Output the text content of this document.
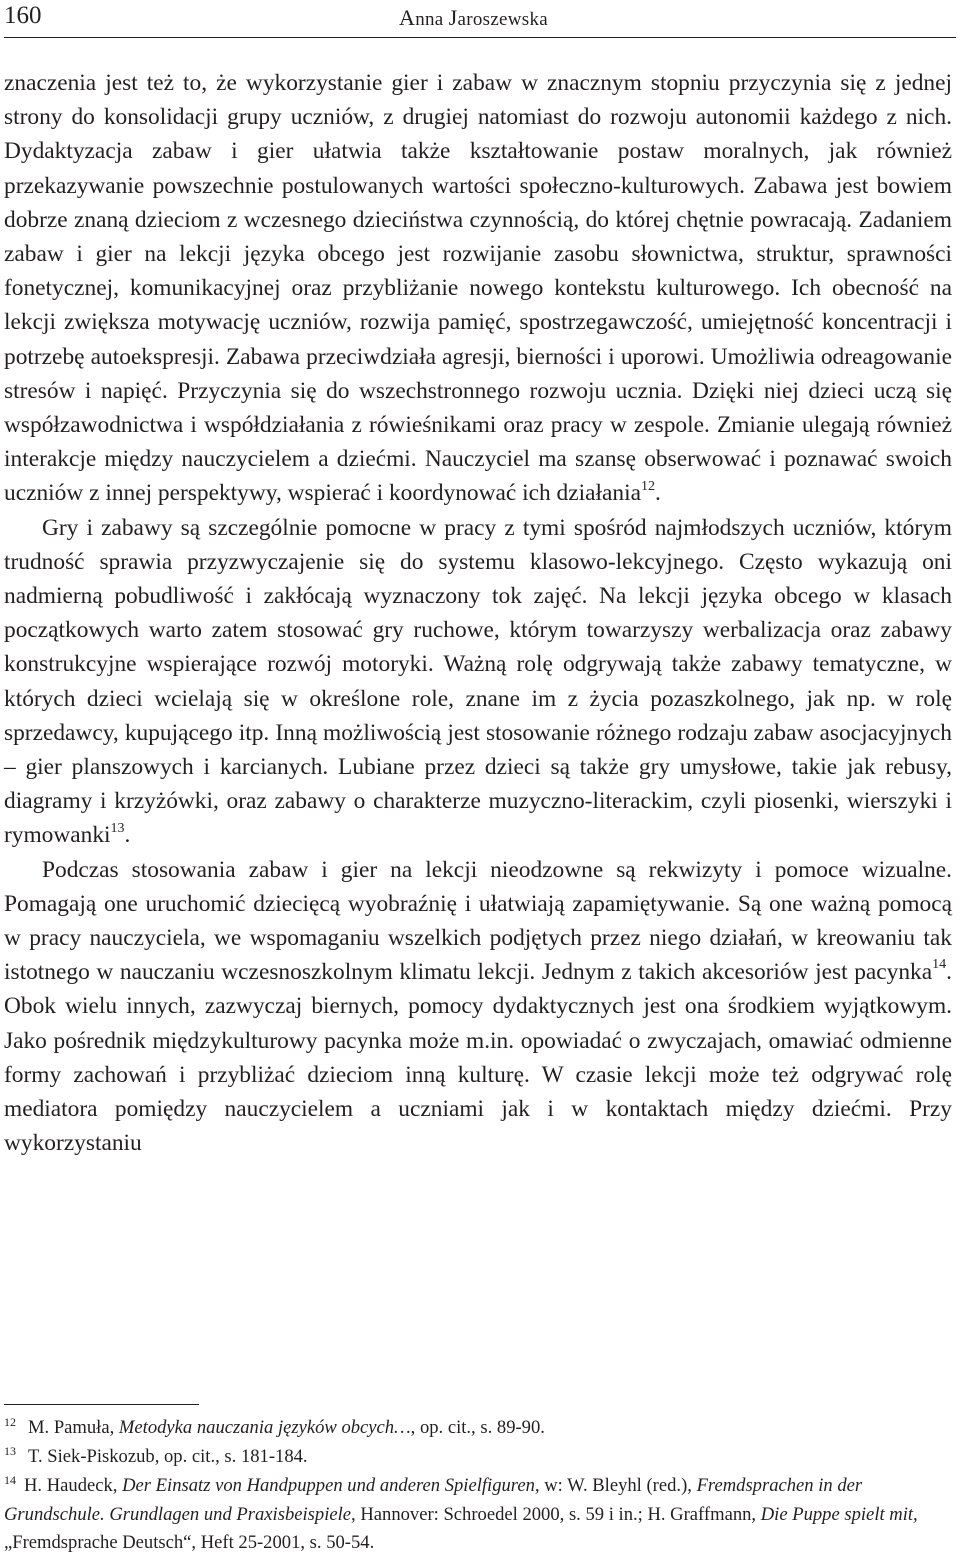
160	Anna Jaroszewska

znaczenia jest też to, że wykorzystanie gier i zabaw w znacznym stopniu przyczynia się z jednej strony do konsolidacji grupy uczniów, z drugiej natomiast do rozwoju autonomii każdego z nich. Dydaktyzacja zabaw i gier ułatwia także kształtowanie postaw moralnych, jak również przekazywanie powszechnie postulowanych wartości społeczno-kulturowych. Zabawa jest bowiem dobrze znaną dzieciom z wczesnego dzieciństwa czynnością, do której chętnie powracają. Zadaniem zabaw i gier na lekcji języka obcego jest rozwijanie zasobu słownictwa, struktur, sprawności fonetycznej, komunikacyjnej oraz przybliżanie nowego kontekstu kulturowego. Ich obecność na lekcji zwiększa motywację uczniów, rozwija pamięć, spostrzegawczość, umiejętność koncentracji i potrzebę autoekspresji. Zabawa przeciwdziała agresji, bierności i uporowi. Umożliwia odreagowanie stresów i napięć. Przyczynia się do wszechstronnego rozwoju ucznia. Dzięki niej dzieci uczą się współzawodnictwa i współdziałania z rówieśnikami oraz pracy w zespole. Zmianie ulegają również interakcje między nauczycielem a dziećmi. Nauczyciel ma szansę obserwować i poznawać swoich uczniów z innej perspektywy, wspierać i koordynować ich działania$^{12}$.

Gry i zabawy są szczególnie pomocne w pracy z tymi spośród najmłodszych uczniów, którym trudność sprawia przyzwyczajenie się do systemu klasowo-lekcyjnego. Często wykazują oni nadmierną pobudliwość i zakłócają wyznaczony tok zajęć. Na lekcji języka obcego w klasach początkowych warto zatem stosować gry ruchowe, którym towarzyszy werbalizacja oraz zabawy konstrukcyjne wspierające rozwój motoryki. Ważną rolę odgrywają także zabawy tematyczne, w których dzieci wcielają się w określone role, znane im z życia pozaszkolnego, jak np. w rolę sprzedawcy, kupującego itp. Inną możliwością jest stosowanie różnego rodzaju zabaw asocjacyjnych – gier planszowych i karcianych. Lubiane przez dzieci są także gry umysłowe, takie jak rebusy, diagramy i krzyżówki, oraz zabawy o charakterze muzyczno-literackim, czyli piosenki, wierszyki i rymowanki$^{13}$.

Podczas stosowania zabaw i gier na lekcji nieodzowne są rekwizyty i pomoce wizualne. Pomagają one uruchomić dziecięcą wyobraźnię i ułatwiają zapamiętywanie. Są one ważną pomocą w pracy nauczyciela, we wspomaganiu wszelkich podjętych przez niego działań, w kreowaniu tak istotnego w nauczaniu wczesnoszkolnym klimatu lekcji. Jednym z takich akcesoriów jest pacynka$^{14}$. Obok wielu innych, zazwyczaj biernych, pomocy dydaktycznych jest ona środkiem wyjątkowym. Jako pośrednik międzykulturowy pacynka może m.in. opowiadać o zwyczajach, omawiać odmienne formy zachowań i przybliżać dzieciom inną kulturę. W czasie lekcji może też odgrywać rolę mediatora pomiędzy nauczycielem a uczniami jak i w kontaktach między dziećmi. Przy wykorzystaniu

$^{12}$ M. Pamuła, Metodyka nauczania języków obcych…, op. cit., s. 89-90.

$^{13}$ T. Siek-Piskozub, op. cit., s. 181-184.

$^{14}$ H. Haudeck, Der Einsatz von Handpuppen und anderen Spielfiguren, w: W. Bleyhl (red.), Fremdsprachen in der Grundschule. Grundlagen und Praxisbeispiele, Hannover: Schroedel 2000, s. 59 i in.; H. Graffmann, Die Puppe spielt mit, „Fremdsprache Deutsch“, Heft 25-2001, s. 50-54.
